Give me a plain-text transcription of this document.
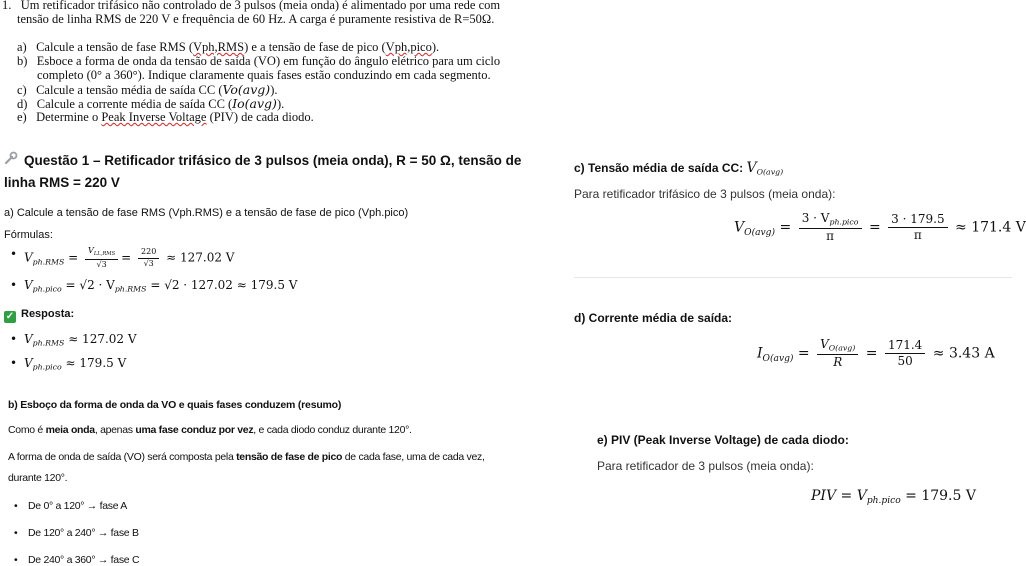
1. Um retificador trifásico não controlado de 3 pulsos (meia onda) é alimentado por uma rede com
tensão de linha RMS de 220 V e frequência de 60 Hz. A carga é puramente resistiva de R=50Ω.
a) Calcule a tensão de fase RMS (Vph,RMS) e a tensão de fase de pico (Vph,pico).
b) Esboce a forma de onda da tensão de saída (VO) em função do ângulo elétrico para um ciclo
completo (0° a 360°). Indique claramente quais fases estão conduzindo em cada segmento.
c) Calcule a tensão média de saída CC (Vo(avg)).
d) Calcule a corrente média de saída CC (Io(avg)).
e) Determine o Peak Inverse Voltage (PIV) de cada diodo.
Questão 1 – Retificador trifásico de 3 pulsos (meia onda), R = 50 Ω, tensão de
linha RMS = 220 V
a) Calcule a tensão de fase RMS (Vph.RMS) e a tensão de fase de pico (Vph.pico)
Fórmulas:
• $V_{ph.RMS} = \frac{V_{LL,RMS}}{√3} = \frac{220}{√3} \approx 127.02$ V
• $V_{ph.pico} = √2 \cdot V_{ph.RMS} = √2 \cdot 127.02 \approx 179.5$ V
✓ Resposta:
• $V_{ph.RMS} \approx 127.02$ V
• $V_{ph.pico} \approx 179.5$ V
b) Esboço da forma de onda da VO e quais fases conduzem (resumo)
Como é meia onda, apenas uma fase conduz por vez, e cada diodo conduz durante 120°.
A forma de onda de saída (VO) será composta pela tensão de fase de pico de cada fase, uma de cada vez,
durante 120°.
• De 0° a 120° → fase A
• De 120° a 240° → fase B
• De 240° a 360° → fase C
c) Tensão média de saída CC: $V_{O(avg)}$
Para retificador trifásico de 3 pulsos (meia onda):
$V_{O(avg)} = \frac{3 \cdot V_{ph.pico}}{\pi} = \frac{3 \cdot 179.5}{\pi} \approx 171.4$ V
d) Corrente média de saída:
$I_{O(avg)} = \frac{V_{O(avg)}}{R} = \frac{171.4}{50} \approx 3.43$ A
e) PIV (Peak Inverse Voltage) de cada diodo:
Para retificador de 3 pulsos (meia onda):
PIV = $V_{ph.pico} = 179.5$ V
